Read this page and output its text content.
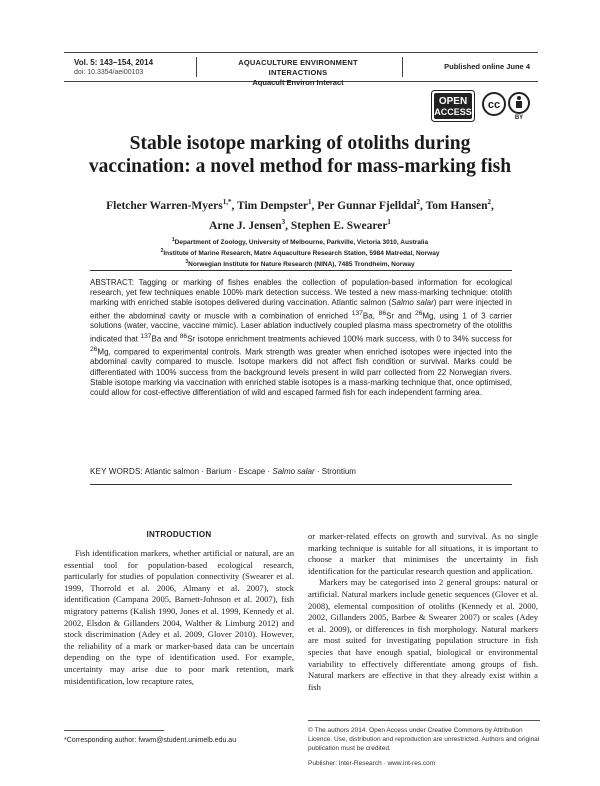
Vol. 5: 143–154, 2014
doi: 10.3354/aei00103
AQUACULTURE ENVIRONMENT INTERACTIONS
Aquacult Environ Interact
Published online June 4
OPEN
ACCESS
cc
BY
Stable isotope marking of otoliths during
vaccination: a novel method for mass-marking fish
Fletcher Warren-Myers$^{1,*}$, Tim Dempster$^1$, Per Gunnar Fjelldal$^2$, Tom Hansen$^2$,
Arne J. Jensen$^3$, Stephen E. Swearer$^1$
$^1$Department of Zoology, University of Melbourne, Parkville, Victoria 3010, Australia
$^2$Institute of Marine Research, Matre Aquaculture Research Station, 5984 Matredal, Norway
$^3$Norwegian Institute for Nature Research (NINA), 7485 Trondheim, Norway
ABSTRACT: Tagging or marking of fishes enables the collection of population-based information for ecological research, yet few techniques enable 100% mark detection success. We tested a new mass-marking technique: otolith marking with enriched stable isotopes delivered during vaccination. Atlantic salmon (Salmo salar) parr were injected in either the abdominal cavity or muscle with a combination of enriched $^{137}$Ba, $^{86}$Sr and $^{26}$Mg, using 1 of 3 carrier solutions (water, vaccine, vaccine mimic). Laser ablation inductively coupled plasma mass spectrometry of the otoliths indicated that $^{137}$Ba and $^{86}$Sr isotope enrichment treatments achieved 100% mark success, with 0 to 34% success for $^{26}$Mg, compared to experimental controls. Mark strength was greater when enriched isotopes were injected into the abdominal cavity compared to muscle. Isotope markers did not affect fish condition or survival. Marks could be differentiated with 100% success from the background levels present in wild parr collected from 22 Norwegian rivers. Stable isotope marking via vaccination with enriched stable isotopes is a mass-marking technique that, once optimised, could allow for cost-effective differentiation of wild and escaped farmed fish for each independent farming area.
KEY WORDS: Atlantic salmon · Barium · Escape · Salmo salar · Strontium
INTRODUCTION

Fish identification markers, whether artificial or natural, are an essential tool for population-based ecological research, particularly for studies of population connectivity (Swearer et al. 1999, Thorrold et al. 2006, Almany et al. 2007), stock identification (Campana 2005, Barnett-Johnson et al. 2007), fish migratory patterns (Kalish 1990, Jones et al. 1999, Kennedy et al. 2002, Elsdon & Gillanders 2004, Walther & Limburg 2012) and stock discrimination (Adey et al. 2009, Glover 2010). However, the reliability of a mark or marker-based data can be uncertain depending on the type of identification used. For example, uncertainty may arise due to poor mark retention, mark misidentification, low recapture rates,

or marker-related effects on growth and survival. As no single marking technique is suitable for all situations, it is important to choose a marker that minimises the uncertainty in fish identification for the particular research question and application.

Markers may be categorised into 2 general groups: natural or artificial. Natural markers include genetic sequences (Glover et al. 2008), elemental composition of otoliths (Kennedy et al. 2000, 2002, Gillanders 2005, Barbee & Swearer 2007) or scales (Adey et al. 2009), or differences in fish morphology. Natural markers are most suited for investigating population structure in fish species that have enough spatial, biological or environmental variability to effectively differentiate among groups of fish. Natural markers are effective in that they already exist within a fish

*Corresponding author: fwwm@student.unimelb.edu.au
© The authors 2014. Open Access under Creative Commons by Attribution Licence. Use, distribution and reproduction are unrestricted. Authors and original publication must be credited.
Publisher: Inter-Research · www.int-res.com
